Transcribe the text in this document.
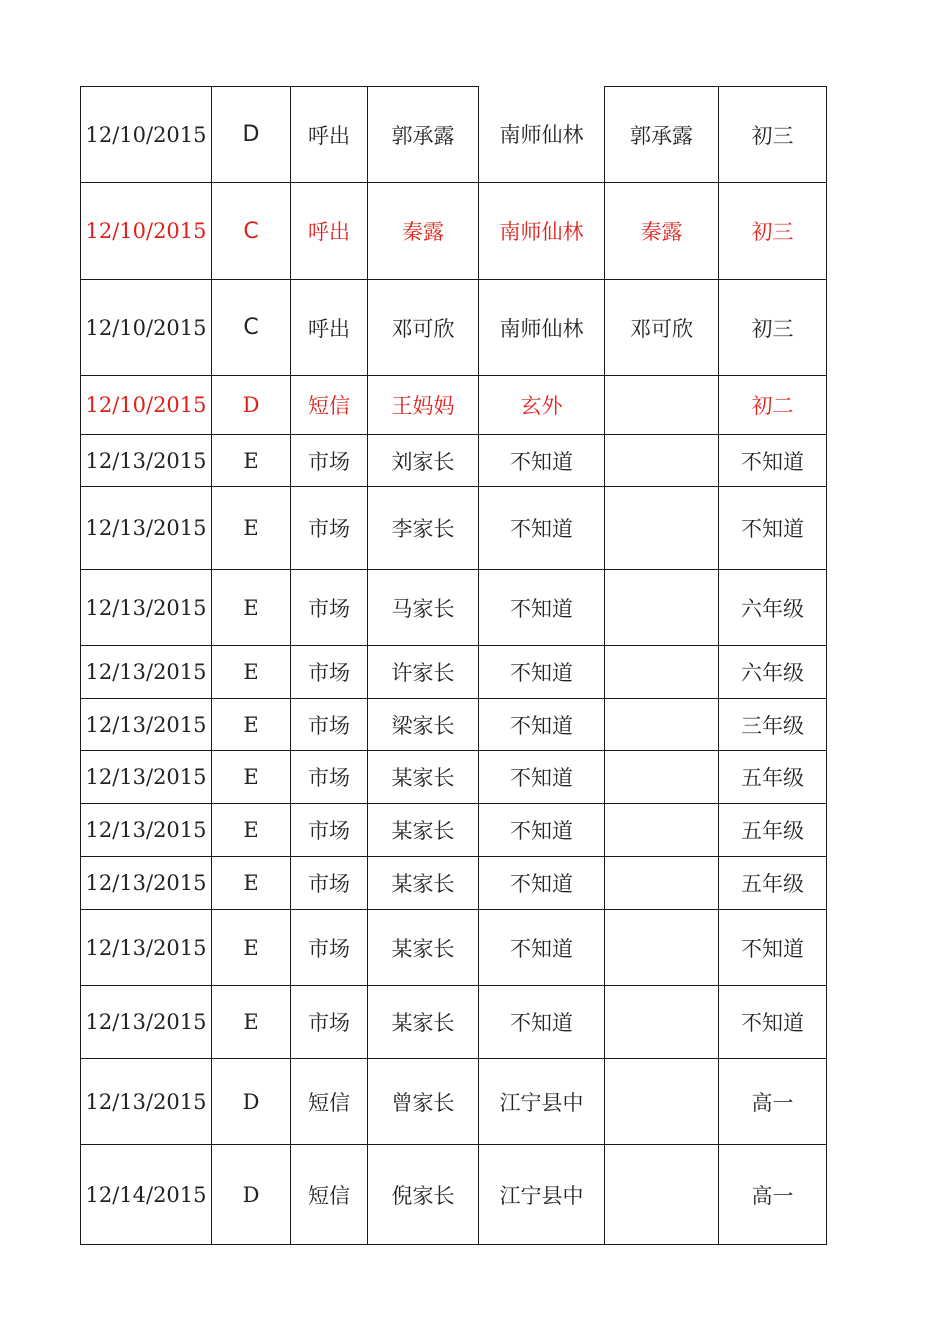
12/10/2015	D	呼出	郭承露	南师仙林	郭承露	初三
12/10/2015	C	呼出	秦露	南师仙林	秦露	初三
12/10/2015	C	呼出	邓可欣	南师仙林	邓可欣	初三
12/10/2015	D	短信	王妈妈	玄外		初二
12/13/2015	E	市场	刘家长	不知道		不知道
12/13/2015	E	市场	李家长	不知道		不知道
12/13/2015	E	市场	马家长	不知道		六年级
12/13/2015	E	市场	许家长	不知道		六年级
12/13/2015	E	市场	梁家长	不知道		三年级
12/13/2015	E	市场	某家长	不知道		五年级
12/13/2015	E	市场	某家长	不知道		五年级
12/13/2015	E	市场	某家长	不知道		五年级
12/13/2015	E	市场	某家长	不知道		不知道
12/13/2015	E	市场	某家长	不知道		不知道
12/13/2015	D	短信	曾家长	江宁县中		高一
12/14/2015	D	短信	倪家长	江宁县中		高一
